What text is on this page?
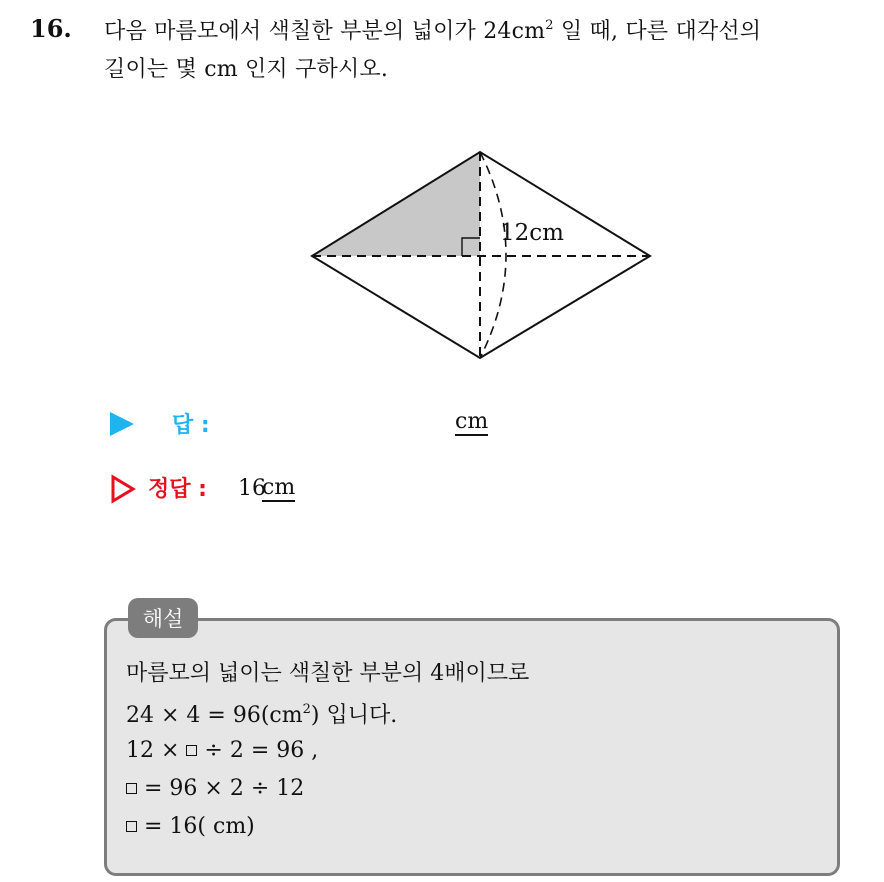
16. 다음 마름모에서 색칠한 부분의 넓이가 $24cm^2$ 일 때, 다른 대각선의
길이는 몇 cm 인지 구하시오.
12cm
답 :	cm
정답 : 16
cm
해설
마름모의 넓이는 색칠한 부분의 4배이므로
$24 \times 4 = 96(cm^2)$ 입니다.
12 × ÷ 2 = 96 ,
= 96 × 2 ÷ 12
= 16( cm)
